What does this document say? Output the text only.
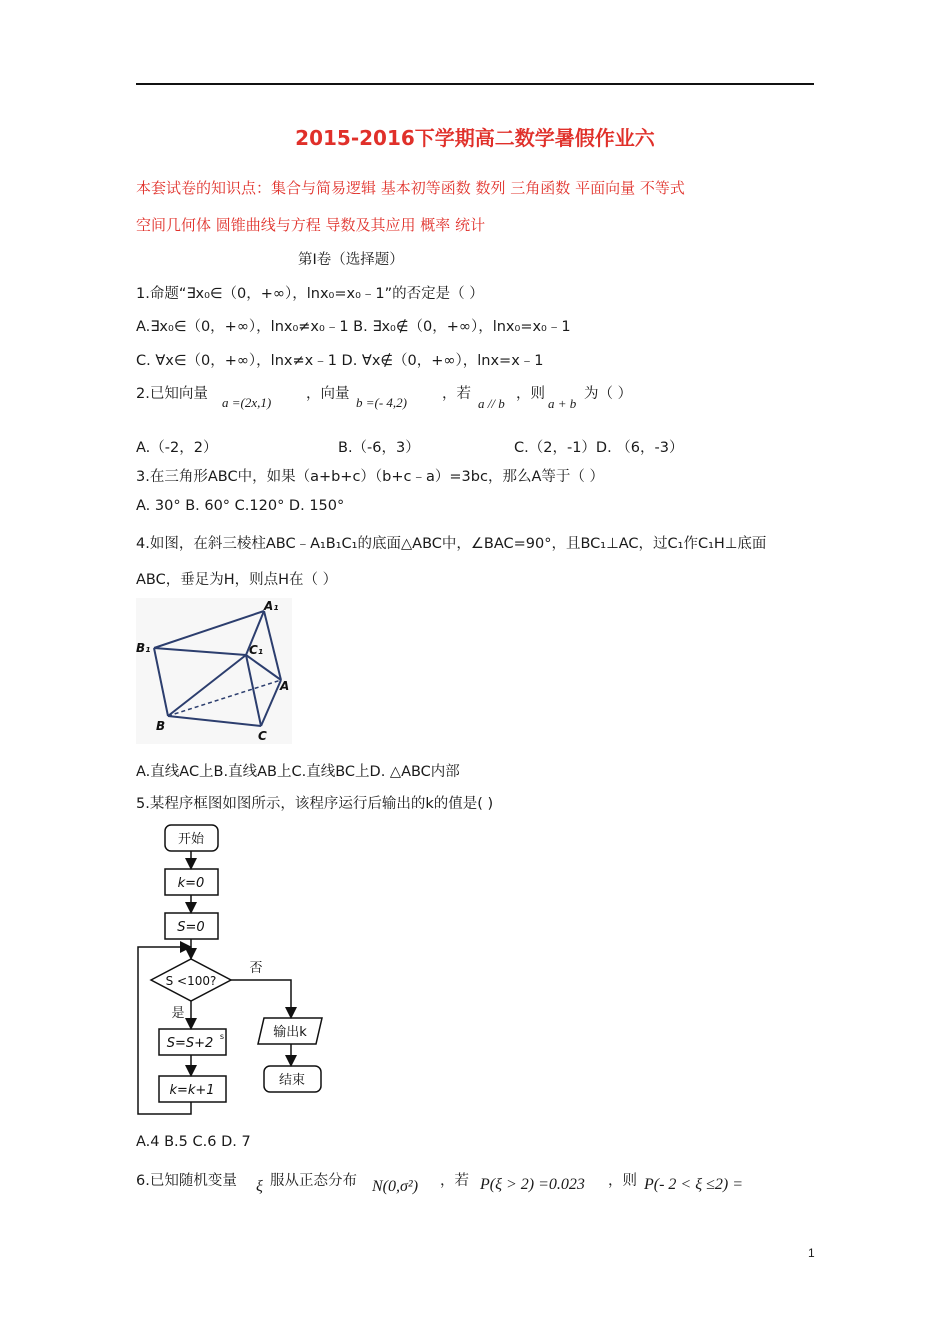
2015-2016下学期高二数学暑假作业六
本套试卷的知识点：集合与简易逻辑 基本初等函数 数列 三角函数 平面向量 不等式
空间几何体 圆锥曲线与方程 导数及其应用 概率 统计
第Ⅰ卷（选择题）
1.命题“∃x₀∈（0，+∞），lnx₀=x₀﹣1”的否定是（ ）
A.∃x₀∈（0，+∞），lnx₀≠x₀﹣1 B. ∃x₀∉（0，+∞），lnx₀=x₀﹣1
C. ∀x∈（0，+∞），lnx≠x﹣1 D. ∀x∉（0，+∞），lnx=x﹣1
2.已知向量
a =(2x,1)
，向量
b =(- 4,2)
，若
a // b
，则
a + b
为（ ）
A.（-2，2）	B.（-6，3）	C.（2，-1）D. （6，-3）
3.在三角形ABC中，如果（a+b+c）（b+c﹣a）=3bc，那么A等于（ ）
A. 30° B. 60° C.120° D. 150°
4.如图，在斜三棱柱ABC﹣A₁B₁C₁的底面△ABC中，∠BAC=90°，且BC₁⊥AC，过C₁作C₁H⊥底面
ABC，垂足为H，则点H在（ ）
A₁
B₁	C₁
A
B
C
A.直线AC上B.直线AB上C.直线BC上D. △ABC内部
5.某程序框图如图所示，该程序运行后输出的k的值是( )
开始
k=0
S=0
S <100?
否
是
S=S+2 s
k=k+1
输出k
结束
A.4 B.5 C.6 D. 7
6.已知随机变量 ξ 服从正态分布 N(0,σ²) ，若 P(ξ > 2) =0.023 ，则 P(- 2 < ξ ≤2) =
1
